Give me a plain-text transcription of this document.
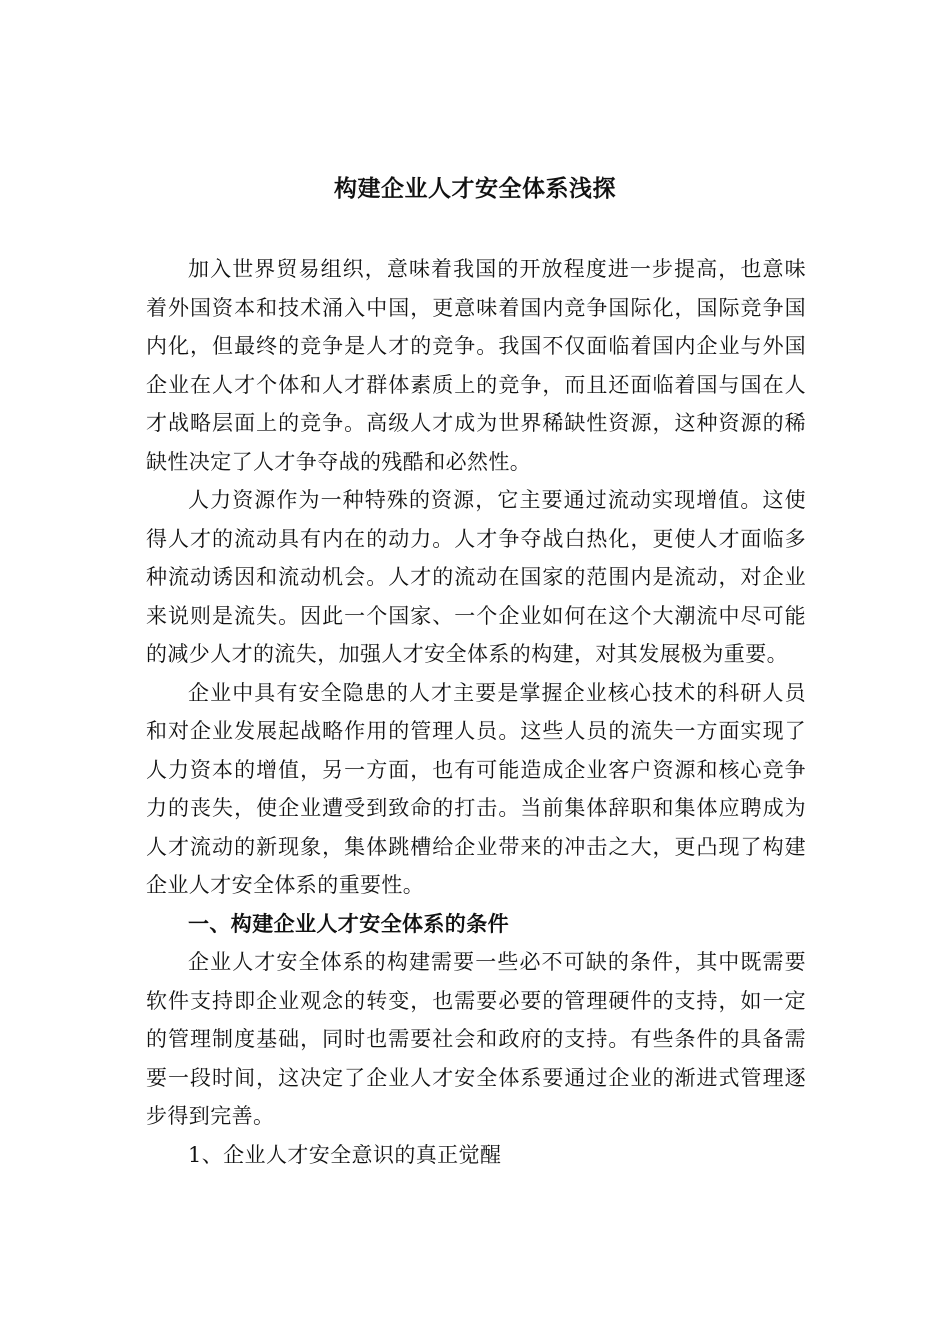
构建企业人才安全体系浅探

加入世界贸易组织，意味着我国的开放程度进一步提高，也意味着外国资本和技术涌入中国，更意味着国内竞争国际化，国际竞争国内化，但最终的竞争是人才的竞争。我国不仅面临着国内企业与外国企业在人才个体和人才群体素质上的竞争，而且还面临着国与国在人才战略层面上的竞争。高级人才成为世界稀缺性资源，这种资源的稀缺性决定了人才争夺战的残酷和必然性。

人力资源作为一种特殊的资源，它主要通过流动实现增值。这使得人才的流动具有内在的动力。人才争夺战白热化，更使人才面临多种流动诱因和流动机会。人才的流动在国家的范围内是流动，对企业来说则是流失。因此一个国家、一个企业如何在这个大潮流中尽可能的减少人才的流失，加强人才安全体系的构建，对其发展极为重要。

企业中具有安全隐患的人才主要是掌握企业核心技术的科研人员和对企业发展起战略作用的管理人员。这些人员的流失一方面实现了人力资本的增值，另一方面，也有可能造成企业客户资源和核心竞争力的丧失，使企业遭受到致命的打击。当前集体辞职和集体应聘成为人才流动的新现象，集体跳槽给企业带来的冲击之大，更凸现了构建企业人才安全体系的重要性。

一、构建企业人才安全体系的条件

企业人才安全体系的构建需要一些必不可缺的条件，其中既需要软件支持即企业观念的转变，也需要必要的管理硬件的支持，如一定的管理制度基础，同时也需要社会和政府的支持。有些条件的具备需要一段时间，这决定了企业人才安全体系要通过企业的渐进式管理逐步得到完善。

1、企业人才安全意识的真正觉醒
